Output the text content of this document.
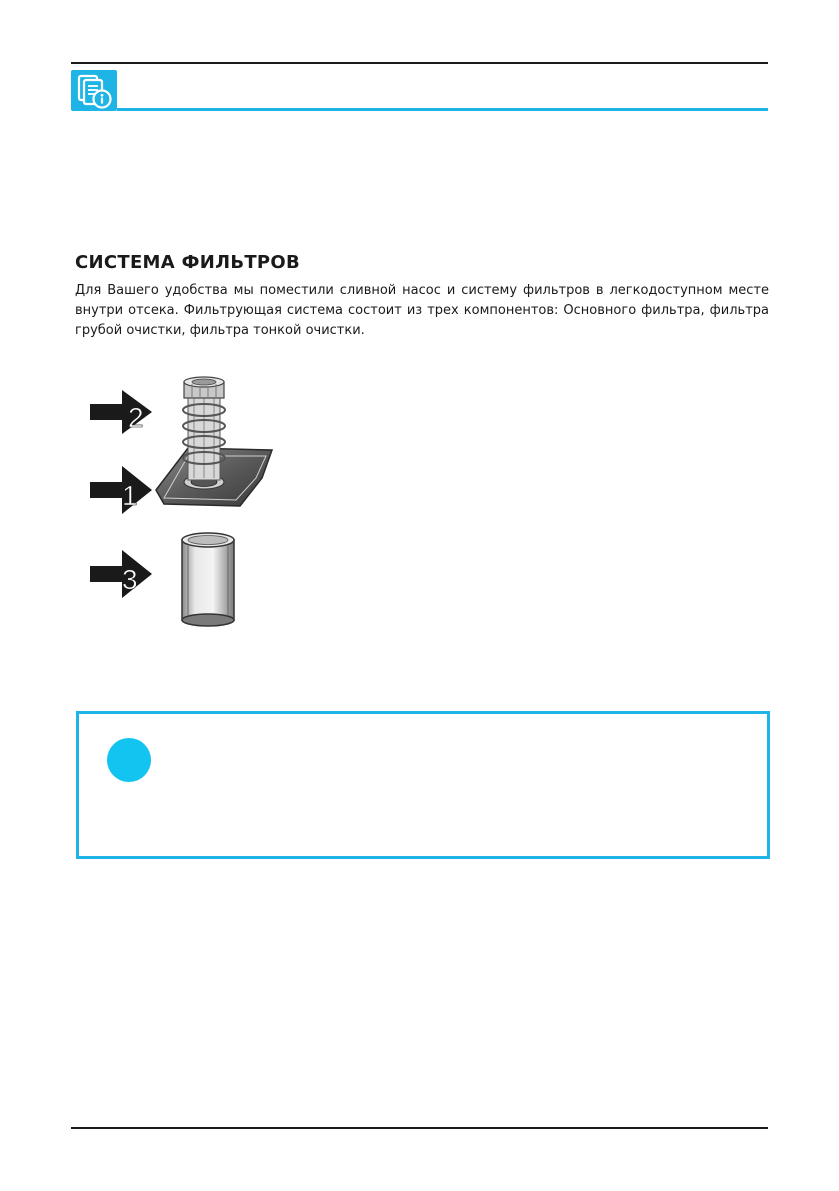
СИСТЕМА ФИЛЬТРОВ

Для Вашего удобства мы поместили сливной насос и систему фильтров в легкодоступном месте внутри отсека. Фильтрующая система состоит из трех компонентов: Основного фильтра, фильтра грубой очистки, фильтра тонкой очистки.

2
1
3
